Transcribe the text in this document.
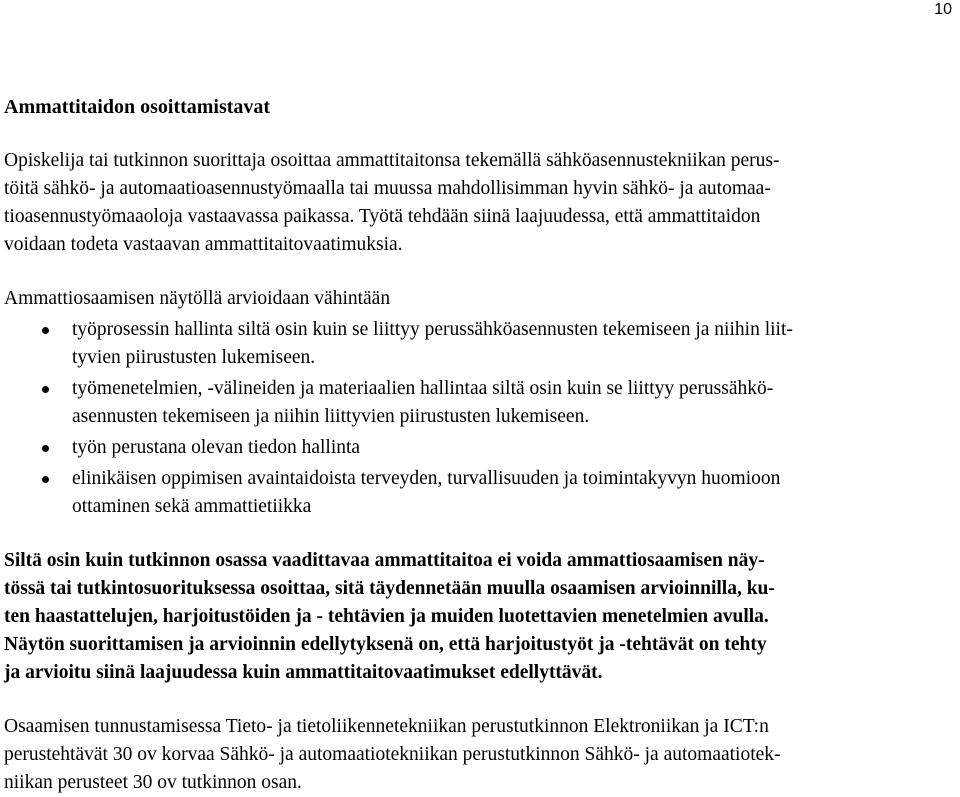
10
Ammattitaidon osoittamistavat
Opiskelija tai tutkinnon suorittaja osoittaa ammattitaitonsa tekemällä sähköasennustekniikan perus-
töitä sähkö- ja automaatioasennustyömaalla tai muussa mahdollisimman hyvin sähkö- ja automaa-
tioasennustyömaaoloja vastaavassa paikassa. Työtä tehdään siinä laajuudessa, että ammattitaidon
voidaan todeta vastaavan ammattitaitovaatimuksia.
Ammattiosaamisen näytöllä arvioidaan vähintään
työprosessin hallinta siltä osin kuin se liittyy perussähköasennusten tekemiseen ja niihin liit-
tyvien piirustusten lukemiseen.
työmenetelmien, -välineiden ja materiaalien hallintaa siltä osin kuin se liittyy perussähkö-
asennusten tekemiseen ja niihin liittyvien piirustusten lukemiseen.
työn perustana olevan tiedon hallinta
elinikäisen oppimisen avaintaidoista terveyden, turvallisuuden ja toimintakyvyn huomioon
ottaminen sekä ammattietiikka
Siltä osin kuin tutkinnon osassa vaadittavaa ammattitaitoa ei voida ammattiosaamisen näy-
tössä tai tutkintosuorituksessa osoittaa, sitä täydennetään muulla osaamisen arvioinnilla, ku-
ten haastattelujen, harjoitustöiden ja - tehtävien ja muiden luotettavien menetelmien avulla.
Näytön suorittamisen ja arvioinnin edellytyksenä on, että harjoitustyöt ja -tehtävät on tehty
ja arvioitu siinä laajuudessa kuin ammattitaitovaatimukset edellyttävät.
Osaamisen tunnustamisessa Tieto- ja tietoliikennetekniikan perustutkinnon Elektroniikan ja ICT:n
perustehtävät 30 ov korvaa Sähkö- ja automaatiotekniikan perustutkinnon Sähkö- ja automaatiotek-
niikan perusteet 30 ov tutkinnon osan.
